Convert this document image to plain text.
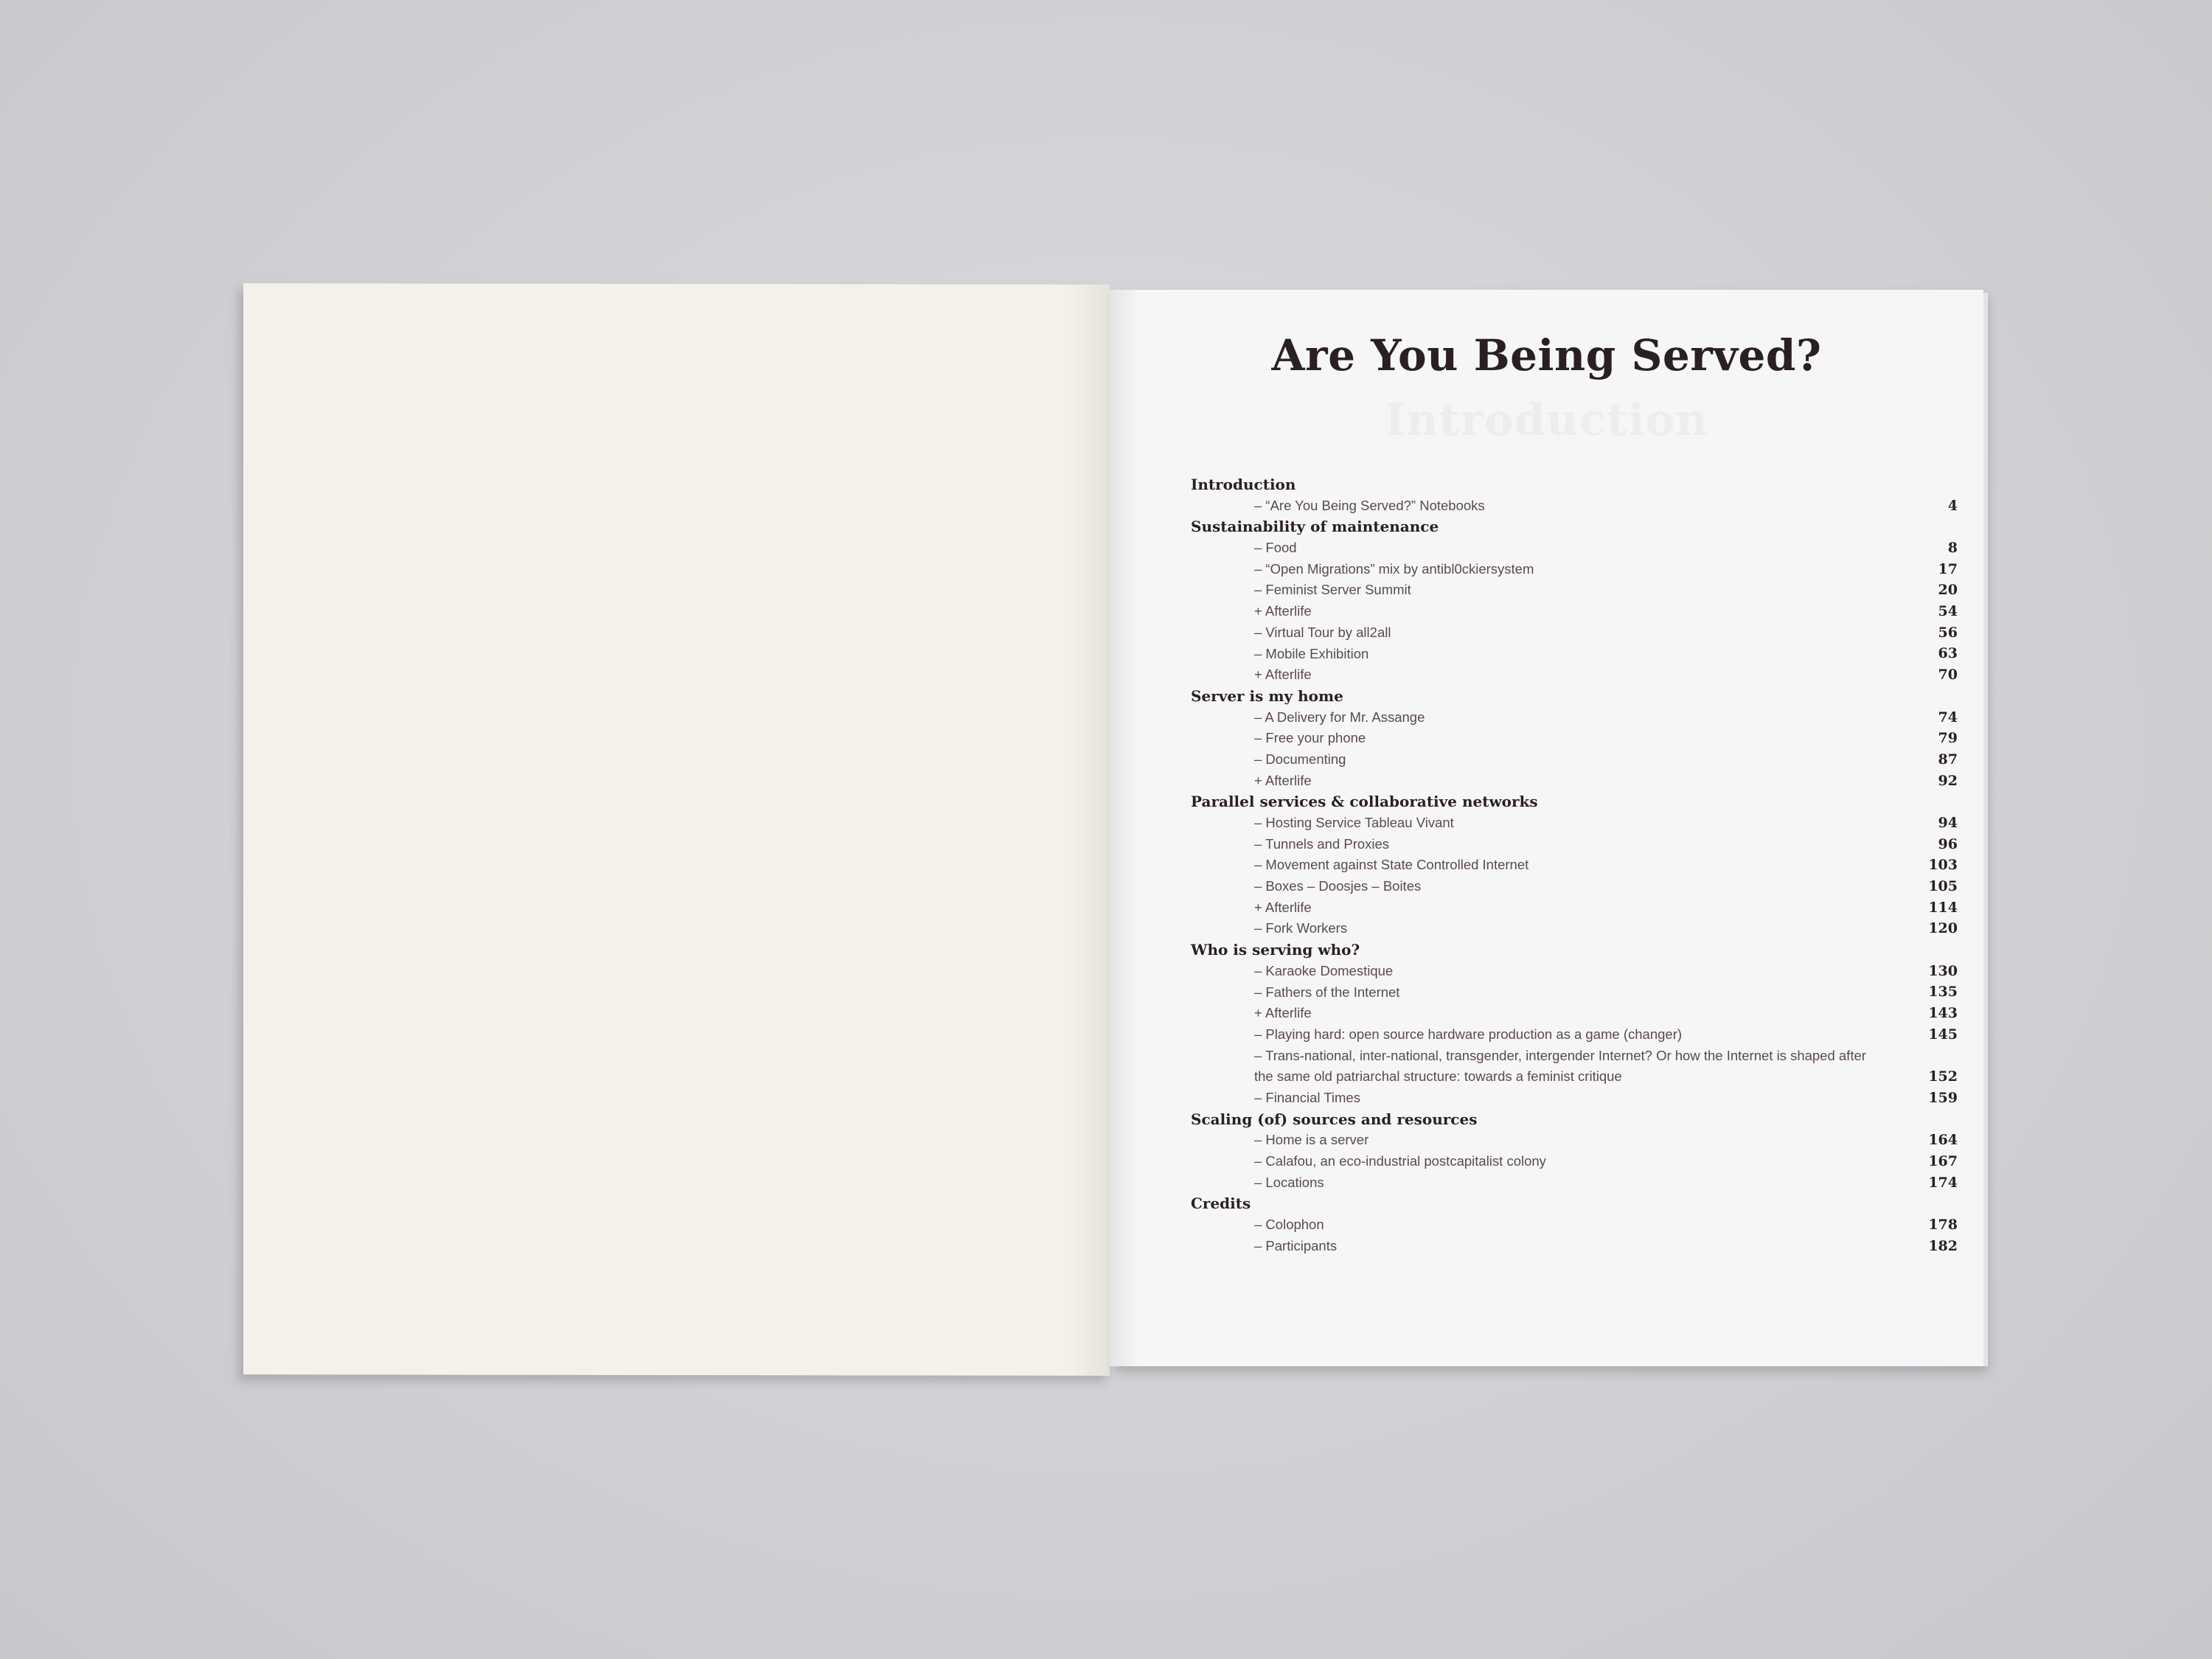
Introduction
Are You Being Served?
Introduction
– “Are You Being Served?” Notebooks	4
Sustainability of maintenance
– Food	8
– “Open Migrations” mix by antibl0ckiersystem	17
– Feminist Server Summit	20
+ Afterlife	54
– Virtual Tour by all2all	56
– Mobile Exhibition	63
+ Afterlife	70
Server is my home
– A Delivery for Mr. Assange	74
– Free your phone	79
– Documenting	87
+ Afterlife	92
Parallel services & collaborative networks
– Hosting Service Tableau Vivant	94
– Tunnels and Proxies	96
– Movement against State Controlled Internet	103
– Boxes – Doosjes – Boites	105
+ Afterlife	114
– Fork Workers	120
Who is serving who?
– Karaoke Domestique	130
– Fathers of the Internet	135
+ Afterlife	143
– Playing hard: open source hardware production as a game (changer)	145
– Trans-national, inter-national, transgender, intergender Internet? Or how the Internet is shaped after the same old patriarchal structure: towards a feminist critique	152
– Financial Times	159
Scaling (of) sources and resources
– Home is a server	164
– Calafou, an eco-industrial postcapitalist colony	167
– Locations	174
Credits
– Colophon	178
– Participants	182
